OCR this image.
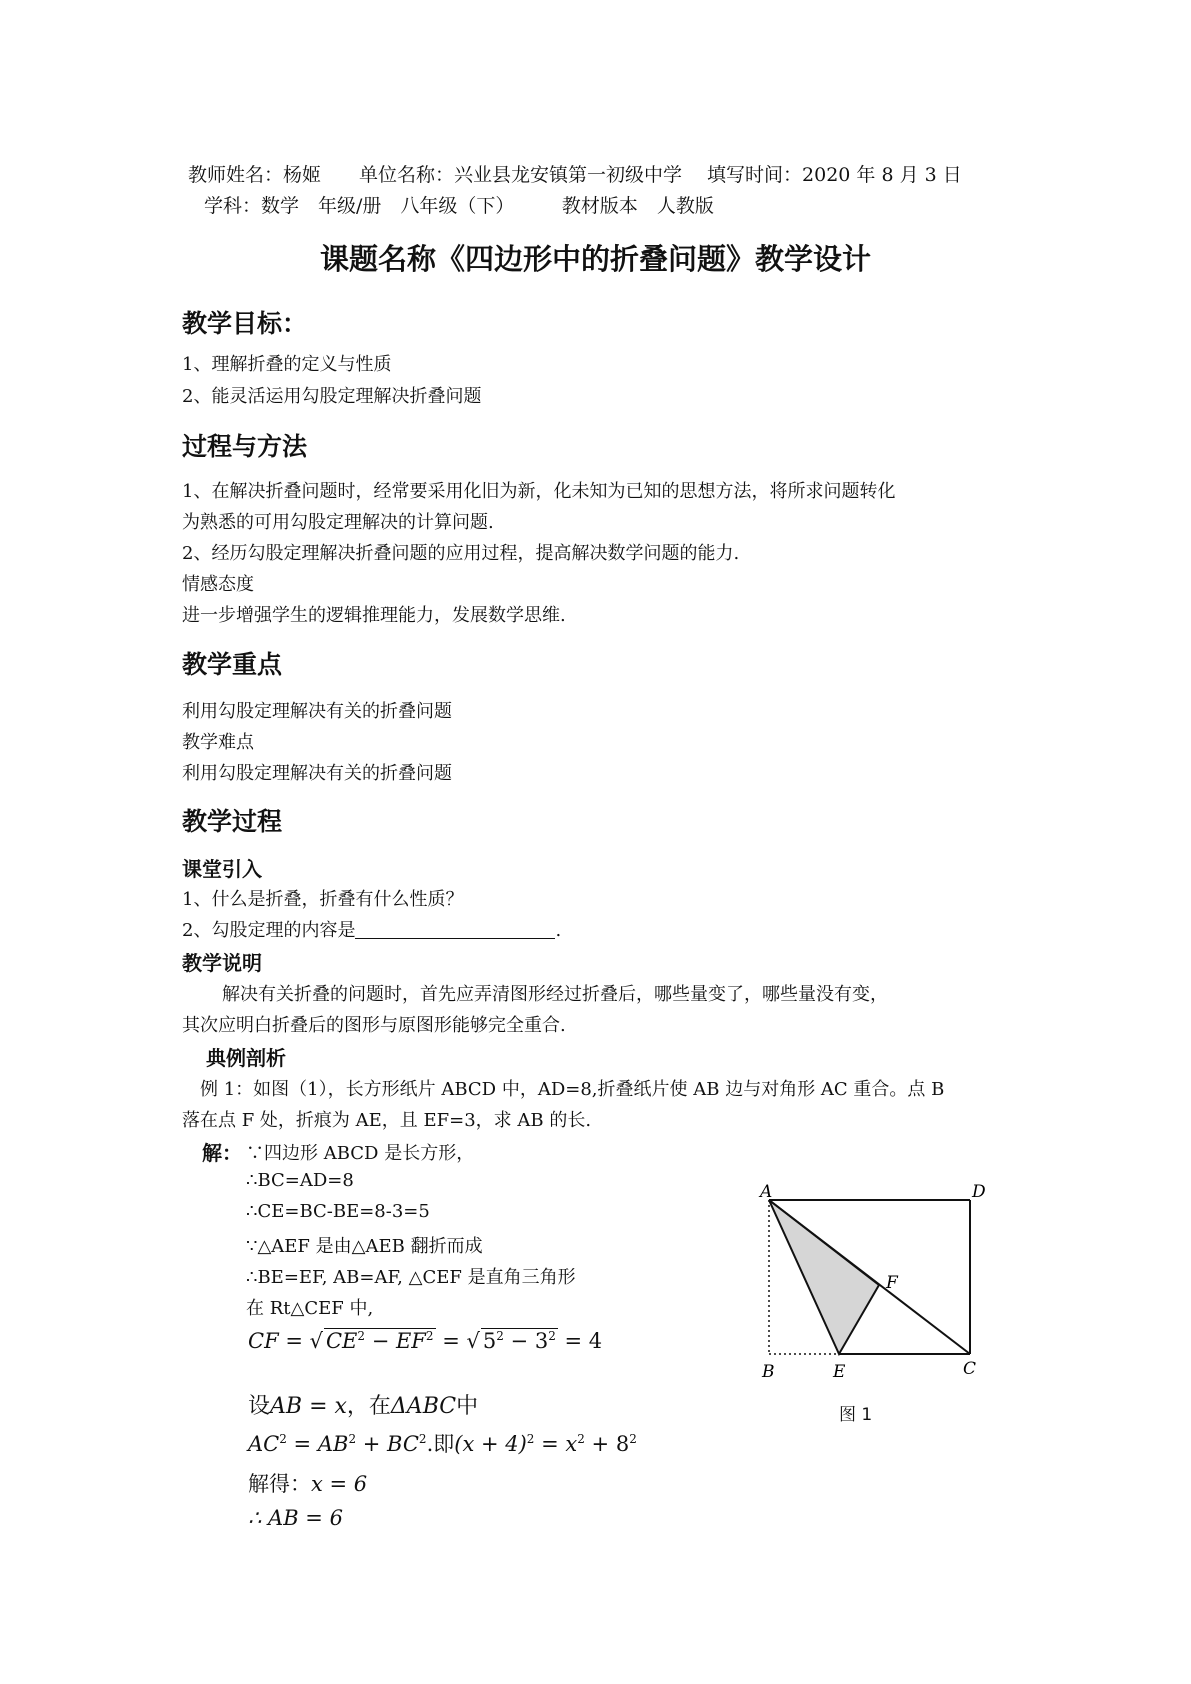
教师姓名：杨姬　　单位名称：兴业县龙安镇第一初级中学　 填写时间：2020 年 8 月 3 日
学科：数学　年级/册　八年级（下）　　　教材版本　人教版
课题名称《四边形中的折叠问题》教学设计
教学目标：
1、理解折叠的定义与性质
2、能灵活运用勾股定理解决折叠问题
过程与方法
1、在解决折叠问题时，经常要采用化旧为新，化未知为已知的思想方法，将所求问题转化
为熟悉的可用勾股定理解决的计算问题.
2、经历勾股定理解决折叠问题的应用过程，提高解决数学问题的能力.
情感态度
进一步增强学生的逻辑推理能力，发展数学思维.
教学重点
利用勾股定理解决有关的折叠问题
教学难点
利用勾股定理解决有关的折叠问题
教学过程
课堂引入
1、什么是折叠，折叠有什么性质？
2、勾股定理的内容是	.
教学说明
解决有关折叠的问题时，首先应弄清图形经过折叠后，哪些量变了，哪些量没有变，
其次应明白折叠后的图形与原图形能够完全重合.
典例剖析
例 1：如图（1），长方形纸片 ABCD 中，AD=8,折叠纸片使 AB 边与对角形 AC 重合。点 B
落在点 F 处，折痕为 AE，且 EF=3，求 AB 的长.
解： ∵四边形 ABCD 是长方形，
∴BC=AD=8
∴CE=BC-BE=8-3=5
∵△AEF 是由△AEB 翻折而成
∴BE=EF, AB=AF, △CEF 是直角三角形
在 Rt△CEF 中,
CF = √ $CE^2 - EF^2$ = √ $5^2 - 3^2 = 4$
设AB = x，在ΔABC中
$AC^2 = AB^2 + BC^2$.即$(x + 4)^2 = x^2 + 8^2$
解得：x = 6
∴ AB = 6
A	D
F
B	E	C
图 1
